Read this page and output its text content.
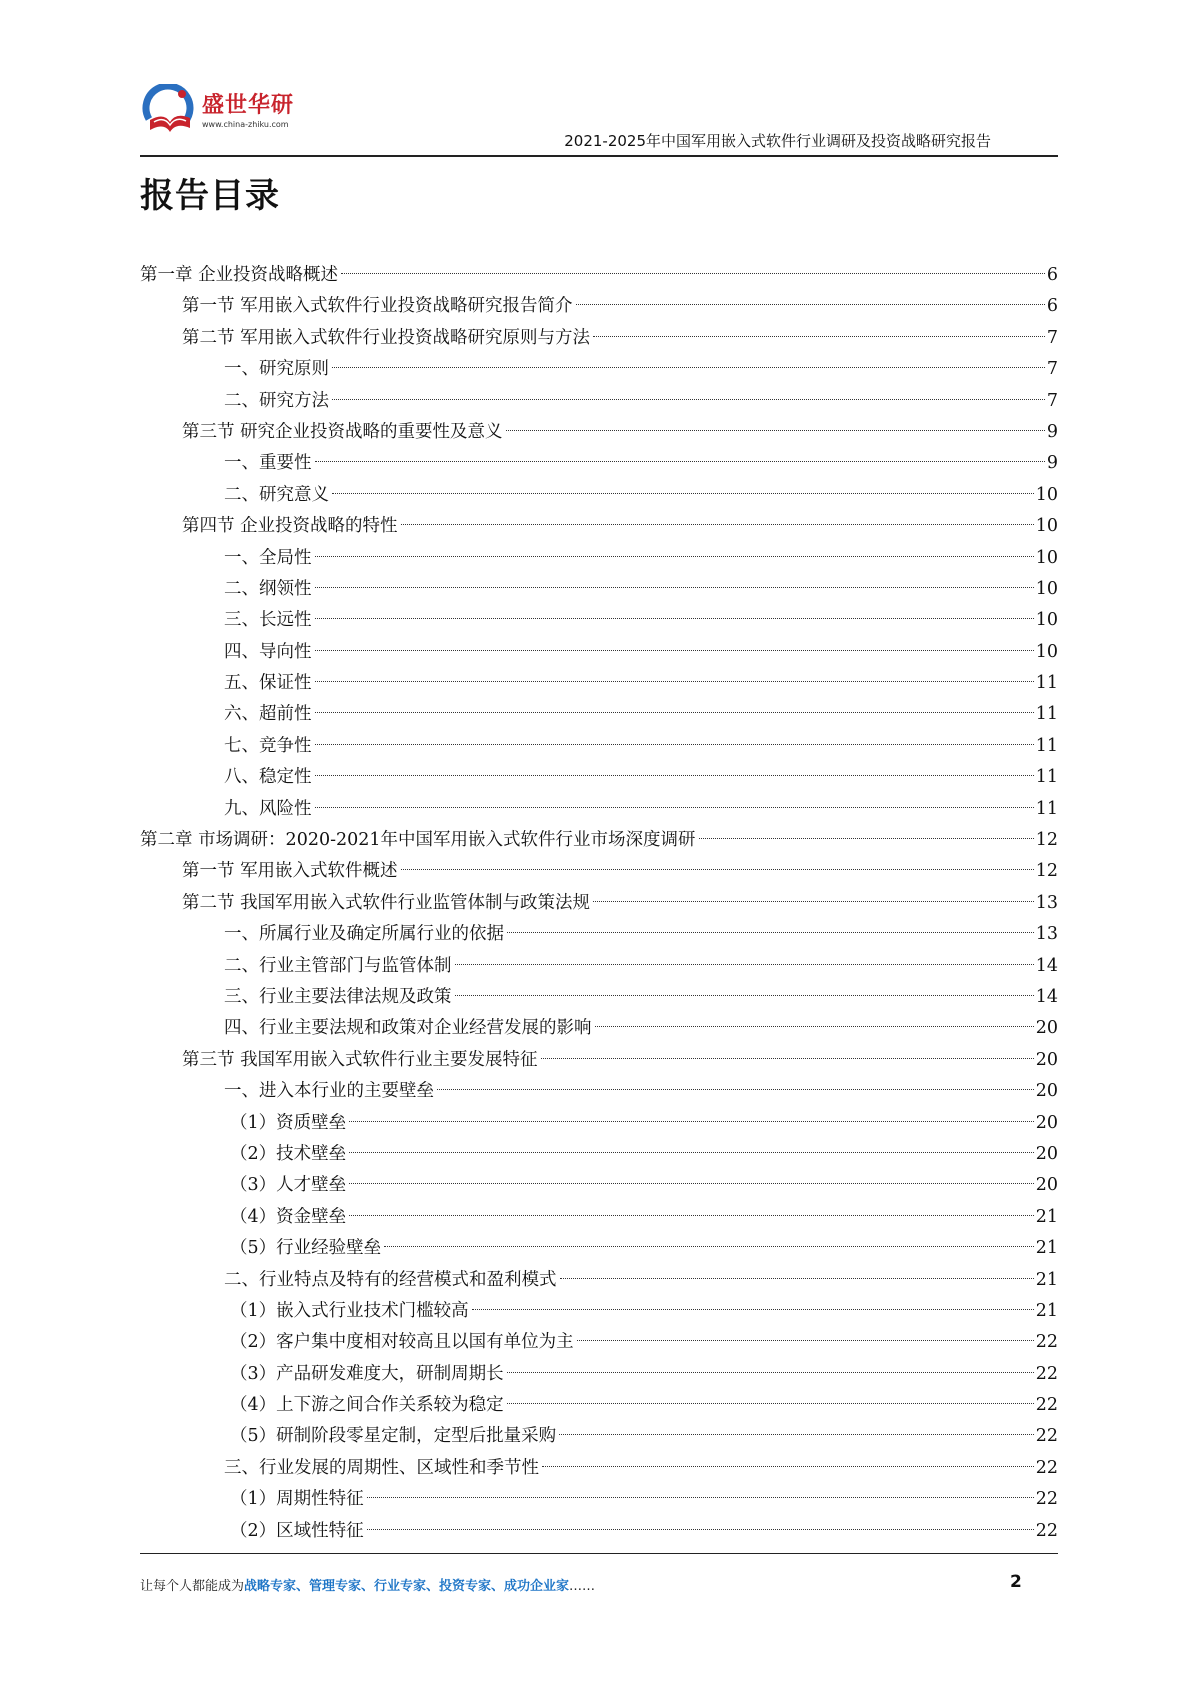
盛世华研
www.china-zhiku.com
2021-2025年中国军用嵌入式软件行业调研及投资战略研究报告
报告目录
第一章 企业投资战略概述	6
第一节 军用嵌入式软件行业投资战略研究报告简介	6
第二节 军用嵌入式软件行业投资战略研究原则与方法	7
一、研究原则	7
二、研究方法	7
第三节 研究企业投资战略的重要性及意义	9
一、重要性	9
二、研究意义	10
第四节 企业投资战略的特性	10
一、全局性	10
二、纲领性	10
三、长远性	10
四、导向性	10
五、保证性	11
六、超前性	11
七、竞争性	11
八、稳定性	11
九、风险性	11
第二章 市场调研：2020-2021年中国军用嵌入式软件行业市场深度调研	12
第一节 军用嵌入式软件概述	12
第二节 我国军用嵌入式软件行业监管体制与政策法规	13
一、所属行业及确定所属行业的依据	13
二、行业主管部门与监管体制	14
三、行业主要法律法规及政策	14
四、行业主要法规和政策对企业经营发展的影响	20
第三节 我国军用嵌入式软件行业主要发展特征	20
一、进入本行业的主要壁垒	20
（1）资质壁垒	20
（2）技术壁垒	20
（3）人才壁垒	20
（4）资金壁垒	21
（5）行业经验壁垒	21
二、行业特点及特有的经营模式和盈利模式	21
（1）嵌入式行业技术门槛较高	21
（2）客户集中度相对较高且以国有单位为主	22
（3）产品研发难度大，研制周期长	22
（4）上下游之间合作关系较为稳定	22
（5）研制阶段零星定制，定型后批量采购	22
三、行业发展的周期性、区域性和季节性	22
（1）周期性特征	22
（2）区域性特征	22
让每个人都能成为战略专家、管理专家、行业专家、投资专家、成功企业家……	2
